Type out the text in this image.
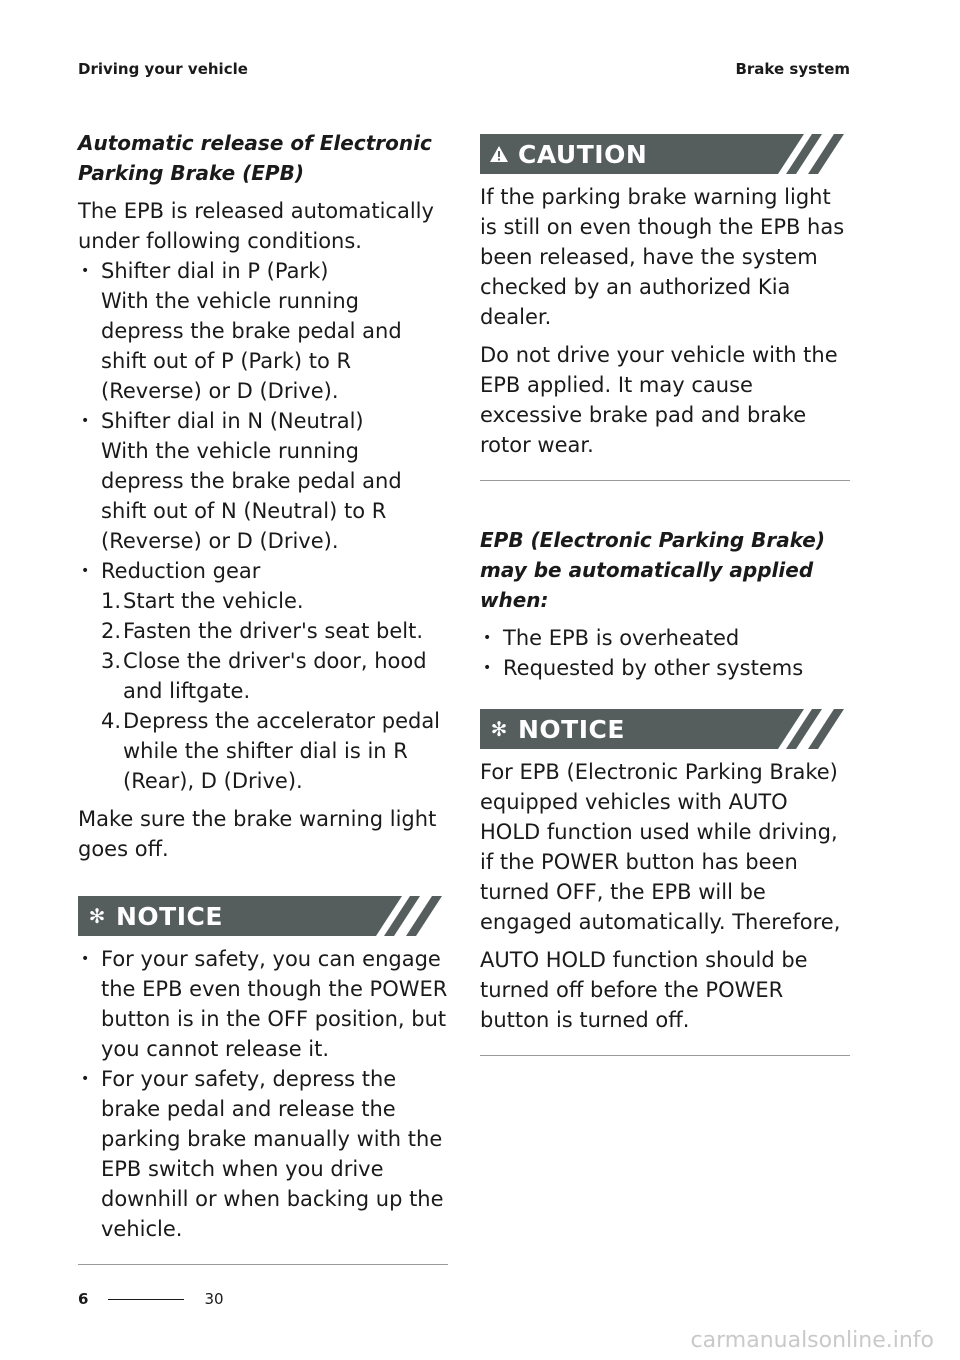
Driving your vehicle	Brake system
Automatic release of Electronic Parking Brake (EPB)

The EPB is released automatically under following conditions.

• Shifter dial in P (Park)
With the vehicle running depress the brake pedal and shift out of P (Park) to R (Reverse) or D (Drive).
• Shifter dial in N (Neutral)
With the vehicle running depress the brake pedal and shift out of N (Neutral) to R (Reverse) or D (Drive).
• Reduction gear
1. Start the vehicle.
2. Fasten the driver's seat belt.
3. Close the driver's door, hood and liftgate.
4. Depress the accelerator pedal while the shifter dial is in R (Rear), D (Drive).

Make sure the brake warning light goes off.

✻ NOTICE
• For your safety, you can engage the EPB even though the POWER button is in the OFF position, but you cannot release it.
• For your safety, depress the brake pedal and release the parking brake manually with the EPB switch when you drive downhill or when backing up the vehicle.
CAUTION

If the parking brake warning light is still on even though the EPB has been released, have the system checked by an authorized Kia dealer.

Do not drive your vehicle with the EPB applied. It may cause excessive brake pad and brake rotor wear.

EPB (Electronic Parking Brake) may be automatically applied when:
• The EPB is overheated
• Requested by other systems
✻ NOTICE

For EPB (Electronic Parking Brake) equipped vehicles with AUTO HOLD function used while driving, if the POWER button has been turned OFF, the EPB will be engaged automatically. Therefore,

AUTO HOLD function should be turned off before the POWER button is turned off.

6	30
carmanualsonline.info
